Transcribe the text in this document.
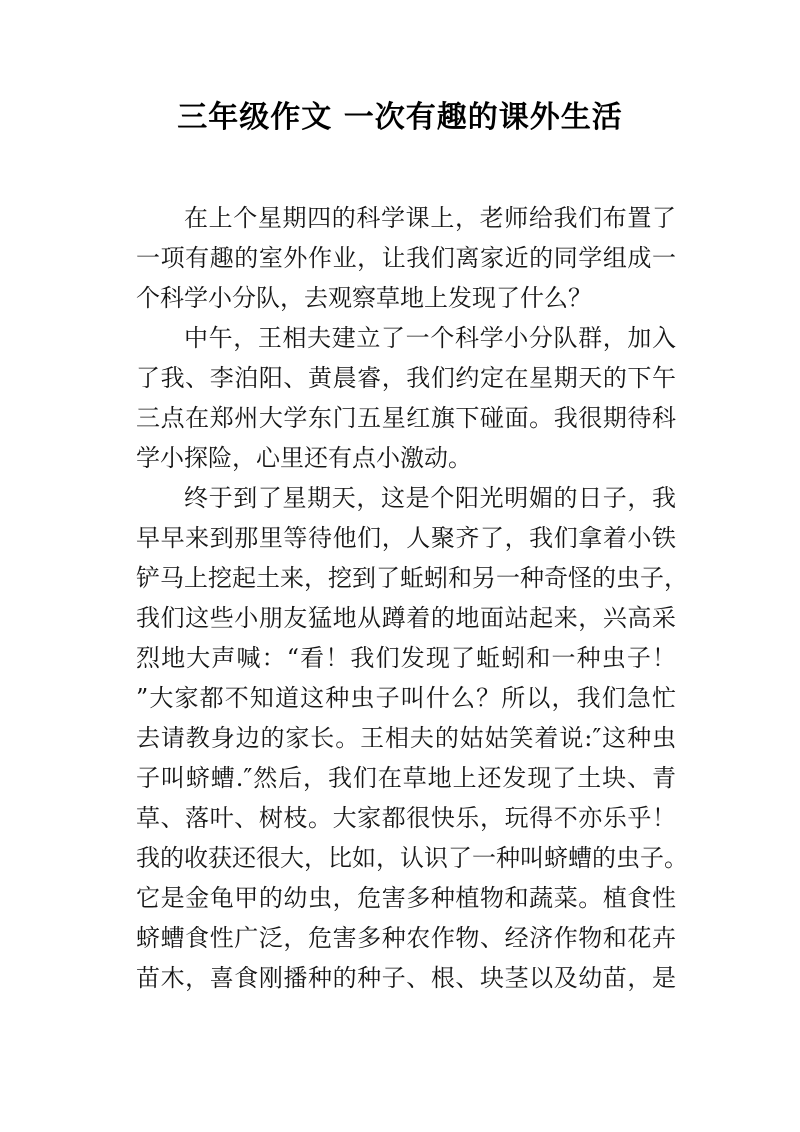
三年级作文 一次有趣的课外生活

在上个星期四的科学课上，老师给我们布置了

一项有趣的室外作业，让我们离家近的同学组成一

个科学小分队，去观察草地上发现了什么？

中午，王相夫建立了一个科学小分队群，加入

了我、李泊阳、黄晨睿，我们约定在星期天的下午

三点在郑州大学东门五星红旗下碰面。我很期待科

学小探险，心里还有点小激动。

终于到了星期天，这是个阳光明媚的日子，我

早早来到那里等待他们，人聚齐了，我们拿着小铁

铲马上挖起土来，挖到了蚯蚓和另一种奇怪的虫子，

我们这些小朋友猛地从蹲着的地面站起来，兴高采

烈地大声喊：“看！我们发现了蚯蚓和一种虫子！

”大家都不知道这种虫子叫什么？所以，我们急忙

去请教身边的家长。王相夫的姑姑笑着说:″这种虫

子叫蛴螬.″然后，我们在草地上还发现了土块、青

草、落叶、树枝。大家都很快乐，玩得不亦乐乎！

我的收获还很大，比如，认识了一种叫蛴螬的虫子。

它是金龟甲的幼虫，危害多种植物和蔬菜。植食性

蛴螬食性广泛，危害多种农作物、经济作物和花卉

苗木，喜食刚播种的种子、根、块茎以及幼苗，是
